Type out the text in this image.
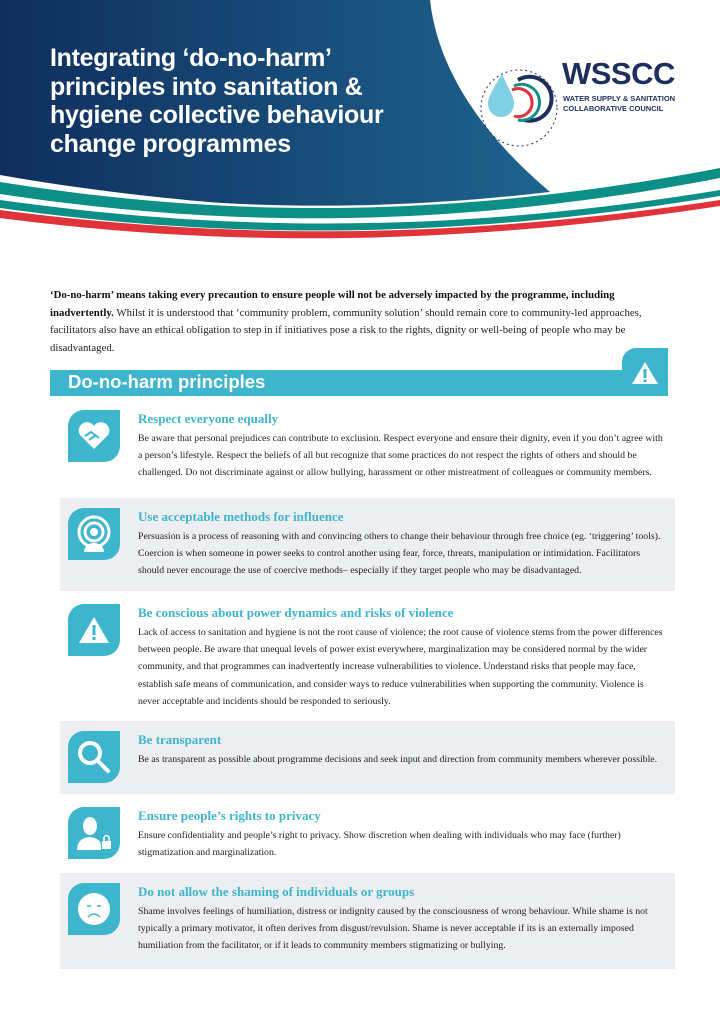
Integrating ‘do-no-harm’ principles into sanitation & hygiene collective behaviour change programmes
WSSCC
WATER SUPPLY & SANITATION
COLLABORATIVE COUNCIL
‘Do-no-harm’ means taking every precaution to ensure people will not be adversely impacted by the programme, including inadvertently. Whilst it is understood that ‘community problem, community solution’ should remain core to community-led approaches, facilitators also have an ethical obligation to step in if initiatives pose a risk to the rights, dignity or well-being of people who may be disadvantaged.
Do-no-harm principles
Respect everyone equally
Be aware that personal prejudices can contribute to exclusion. Respect everyone and ensure their dignity, even if you don’t agree with a person’s lifestyle. Respect the beliefs of all but recognize that some practices do not respect the rights of others and should be challenged. Do not discriminate against or allow bullying, harassment or other mistreatment of colleagues or community members.
Use acceptable methods for influence
Persuasion is a process of reasoning with and convincing others to change their behaviour through free choice (eg. ‘triggering’ tools). Coercion is when someone in power seeks to control another using fear, force, threats, manipulation or intimidation. Facilitators should never encourage the use of coercive methods– especially if they target people who may be disadvantaged.
Be conscious about power dynamics and risks of violence
Lack of access to sanitation and hygiene is not the root cause of violence; the root cause of violence stems from the power differences between people. Be aware that unequal levels of power exist everywhere, marginalization may be considered normal by the wider community, and that programmes can inadvertently increase vulnerabilities to violence. Understand risks that people may face, establish safe means of communication, and consider ways to reduce vulnerabilities when supporting the community. Violence is never acceptable and incidents should be responded to seriously.
Be transparent
Be as transparent as possible about programme decisions and seek input and direction from community members wherever possible.
Ensure people’s rights to privacy
Ensure confidentiality and people’s right to privacy. Show discretion when dealing with individuals who may face (further) stigmatization and marginalization.
Do not allow the shaming of individuals or groups
Shame involves feelings of humiliation, distress or indignity caused by the consciousness of wrong behaviour. While shame is not typically a primary motivator, it often derives from disgust/revulsion. Shame is never acceptable if its is an externally imposed humiliation from the facilitator, or if it leads to community members stigmatizing or bullying.
